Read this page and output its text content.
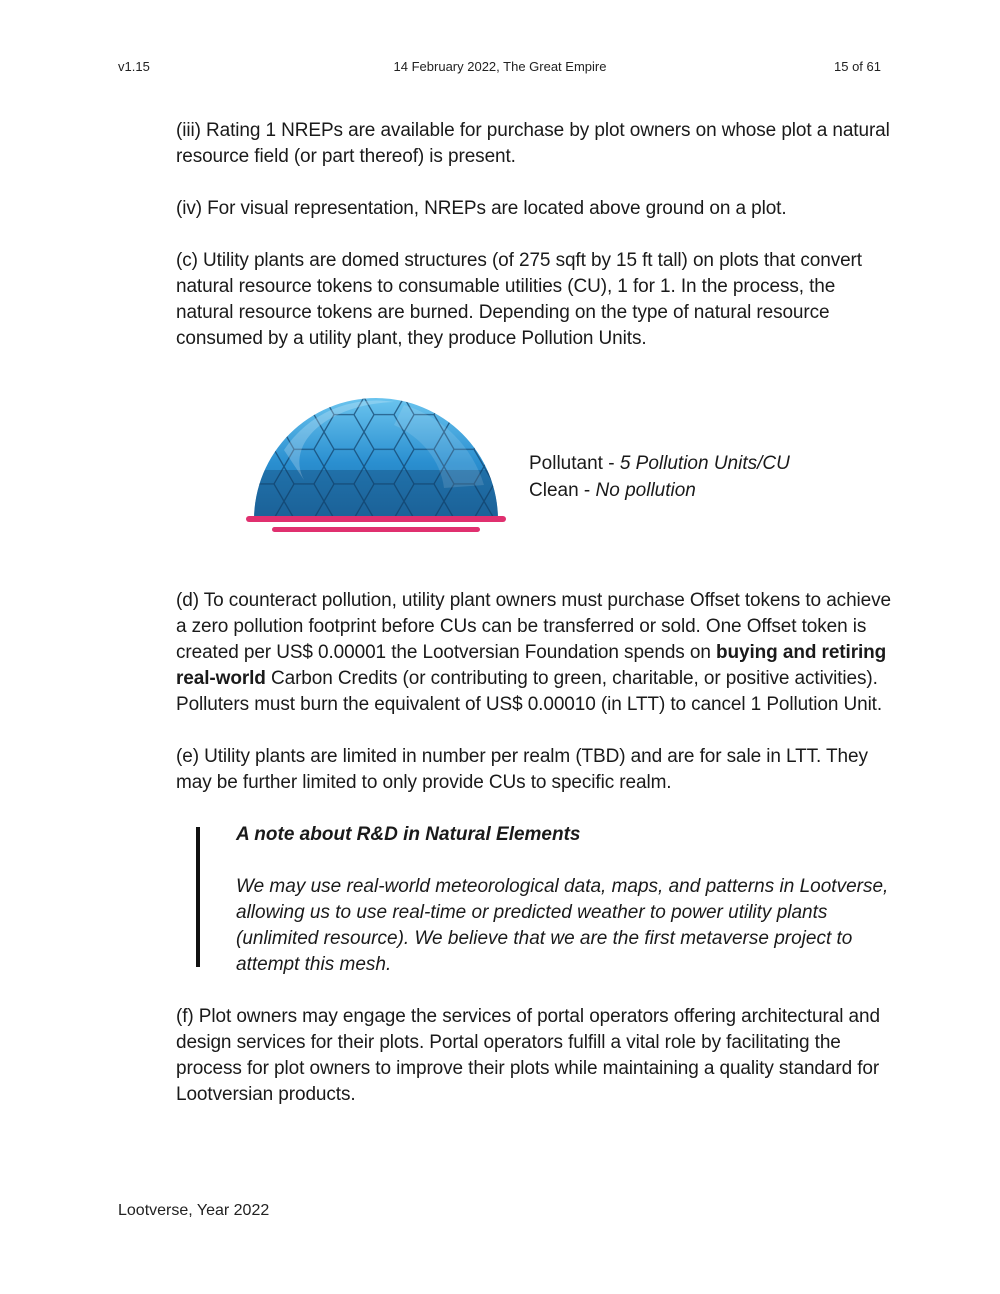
v1.15	14 February 2022, The Great Empire	15 of 61

(iii) Rating 1 NREPs are available for purchase by plot owners on whose plot a natural resource field (or part thereof) is present.

(iv) For visual representation, NREPs are located above ground on a plot.

(c) Utility plants are domed structures (of 275 sqft by 15 ft tall) on plots that convert natural resource tokens to consumable utilities (CU), 1 for 1. In the process, the natural resource tokens are burned. Depending on the type of natural resource consumed by a utility plant, they produce Pollution Units.

Pollutant - 5 Pollution Units/CU
Clean - No pollution

(d) To counteract pollution, utility plant owners must purchase Offset tokens to achieve a zero pollution footprint before CUs can be transferred or sold. One Offset token is created per US$ 0.00001 the Lootversian Foundation spends on buying and retiring real-world Carbon Credits (or contributing to green, charitable, or positive activities). Polluters must burn the equivalent of US$ 0.00010 (in LTT) to cancel 1 Pollution Unit.

(e) Utility plants are limited in number per realm (TBD) and are for sale in LTT. They may be further limited to only provide CUs to specific realm.

A note about R&D in Natural Elements

We may use real-world meteorological data, maps, and patterns in Lootverse, allowing us to use real-time or predicted weather to power utility plants (unlimited resource). We believe that we are the first metaverse project to attempt this mesh.

(f) Plot owners may engage the services of portal operators offering architectural and design services for their plots. Portal operators fulfill a vital role by facilitating the process for plot owners to improve their plots while maintaining a quality standard for Lootversian products.

Lootverse, Year 2022
